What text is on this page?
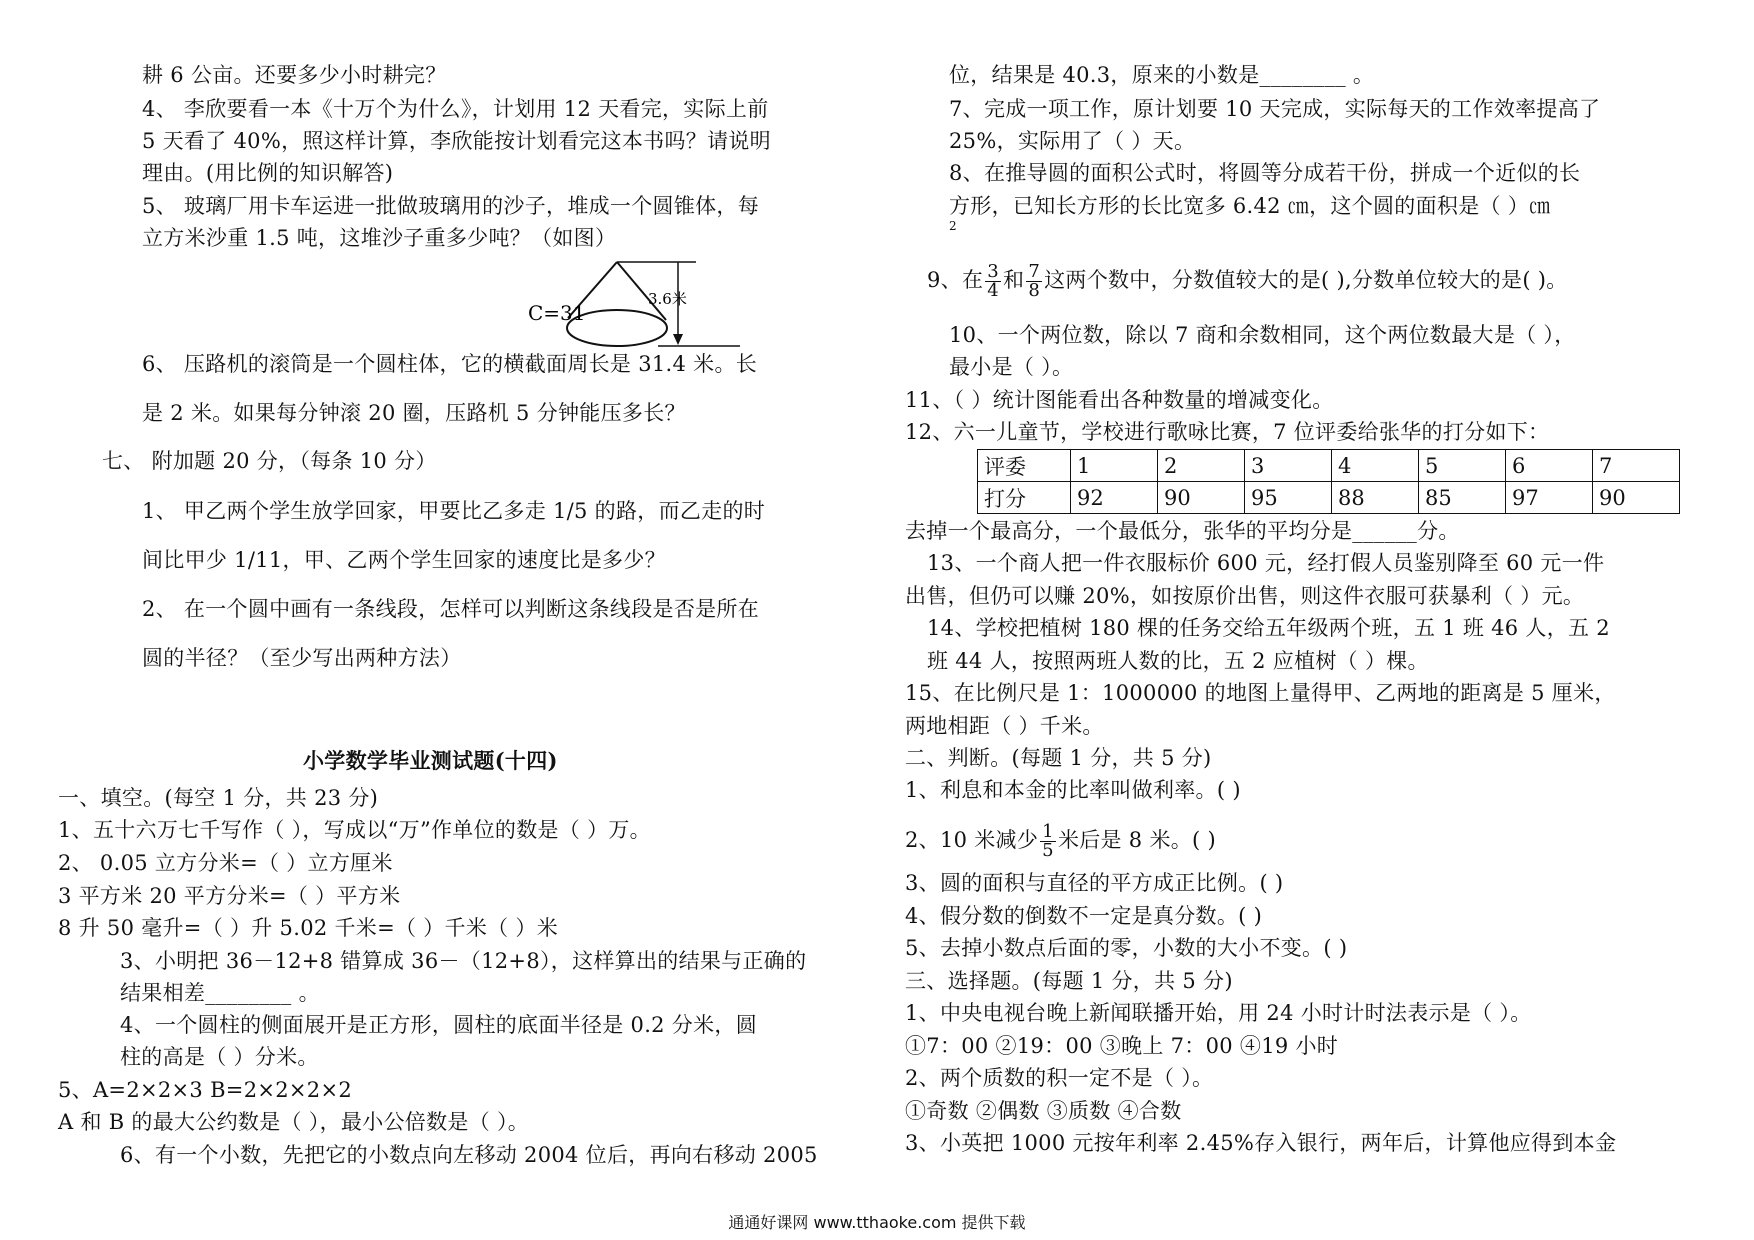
耕 6 公亩。还要多少小时耕完？
4、 李欣要看一本《十万个为什么》，计划用 12 天看完，实际上前
5 天看了 40%，照这样计算，李欣能按计划看完这本书吗？请说明
理由。(用比例的知识解答)
5、 玻璃厂用卡车运进一批做玻璃用的沙子，堆成一个圆锥体，每
立方米沙重 1.5 吨，这堆沙子重多少吨？（如图）
6、 压路机的滚筒是一个圆柱体，它的横截面周长是 31.4 米。长
是 2 米。如果每分钟滚 20 圈，压路机 5 分钟能压多长？
七、 附加题 20 分，（每条 10 分）
1、 甲乙两个学生放学回家，甲要比乙多走 1/5 的路，而乙走的时
间比甲少 1/11，甲、乙两个学生回家的速度比是多少？
2、 在一个圆中画有一条线段，怎样可以判断这条线段是否是所在
圆的半径？（至少写出两种方法）
一、填空。(每空 1 分，共 23 分)
1、五十六万七千写作（ ），写成以“万”作单位的数是（ ）万。
2、 0.05 立方分米=（ ）立方厘米
3 平方米 20 平方分米=（ ）平方米
8 升 50 毫升=（ ）升 5.02 千米=（ ）千米（ ）米
3、小明把 36－12+8 错算成 36－（12+8），这样算出的结果与正确的
结果相差________ 。
4、一个圆柱的侧面展开是正方形，圆柱的底面半径是 0.2 分米，圆
柱的高是（ ）分米。
5、A=2×2×3 B=2×2×2×2
A 和 B 的最大公约数是（ ），最小公倍数是（ ）。
6、有一个小数，先把它的小数点向左移动 2004 位后，再向右移动 2005
小学数学毕业测试题(十四)
3.6米
C=31
位，结果是 40.3，原来的小数是________ 。
7、完成一项工作，原计划要 10 天完成，实际每天的工作效率提高了
25%，实际用了（ ）天。
8、在推导圆的面积公式时，将圆等分成若干份，拼成一个近似的长
方形，已知长方形的长比宽多 6.42 ㎝，这个圆的面积是（ ）㎝
10、一个两位数，除以 7 商和余数相同，这个两位数最大是（ ），
最小是（ ）。
11、（ ）统计图能看出各种数量的增减变化。
12、六一儿童节，学校进行歌咏比赛，7 位评委给张华的打分如下：
去掉一个最高分，一个最低分，张华的平均分是______分。
13、一个商人把一件衣服标价 600 元，经打假人员鉴别降至 60 元一件
出售，但仍可以赚 20%，如按原价出售，则这件衣服可获暴利（ ）元。
14、学校把植树 180 棵的任务交给五年级两个班，五 1 班 46 人，五 2
班 44 人，按照两班人数的比，五 2 应植树（ ）棵。
15、在比例尺是 1：1000000 的地图上量得甲、乙两地的距离是 5 厘米，
两地相距（ ）千米。
二、判断。(每题 1 分，共 5 分)
1、利息和本金的比率叫做利率。( )
3、圆的面积与直径的平方成正比例。( )
4、假分数的倒数不一定是真分数。( )
5、去掉小数点后面的零，小数的大小不变。( )
三、选择题。(每题 1 分，共 5 分)
1、中央电视台晚上新闻联播开始，用 24 小时计时法表示是（ ）。
①7：00 ②19：00 ③晚上 7：00 ④19 小时
2、两个质数的积一定不是（ ）。
①奇数 ②偶数 ③质数 ④合数
3、小英把 1000 元按年利率 2.45%存入银行，两年后，计算他应得到本金
2
9、在 $\frac{3}{4}$ 和 $\frac{7}{8}$ 这两个数中，分数值较大的是( ),分数单位较大的是( )。
评委	1	2	3	4	5	6	7
打分	92	90	95	88	85	97	90
2、10 米减少 $\frac{1}{5}$ 米后是 8 米。( )
通通好课网 www.tthaoke.com 提供下载
